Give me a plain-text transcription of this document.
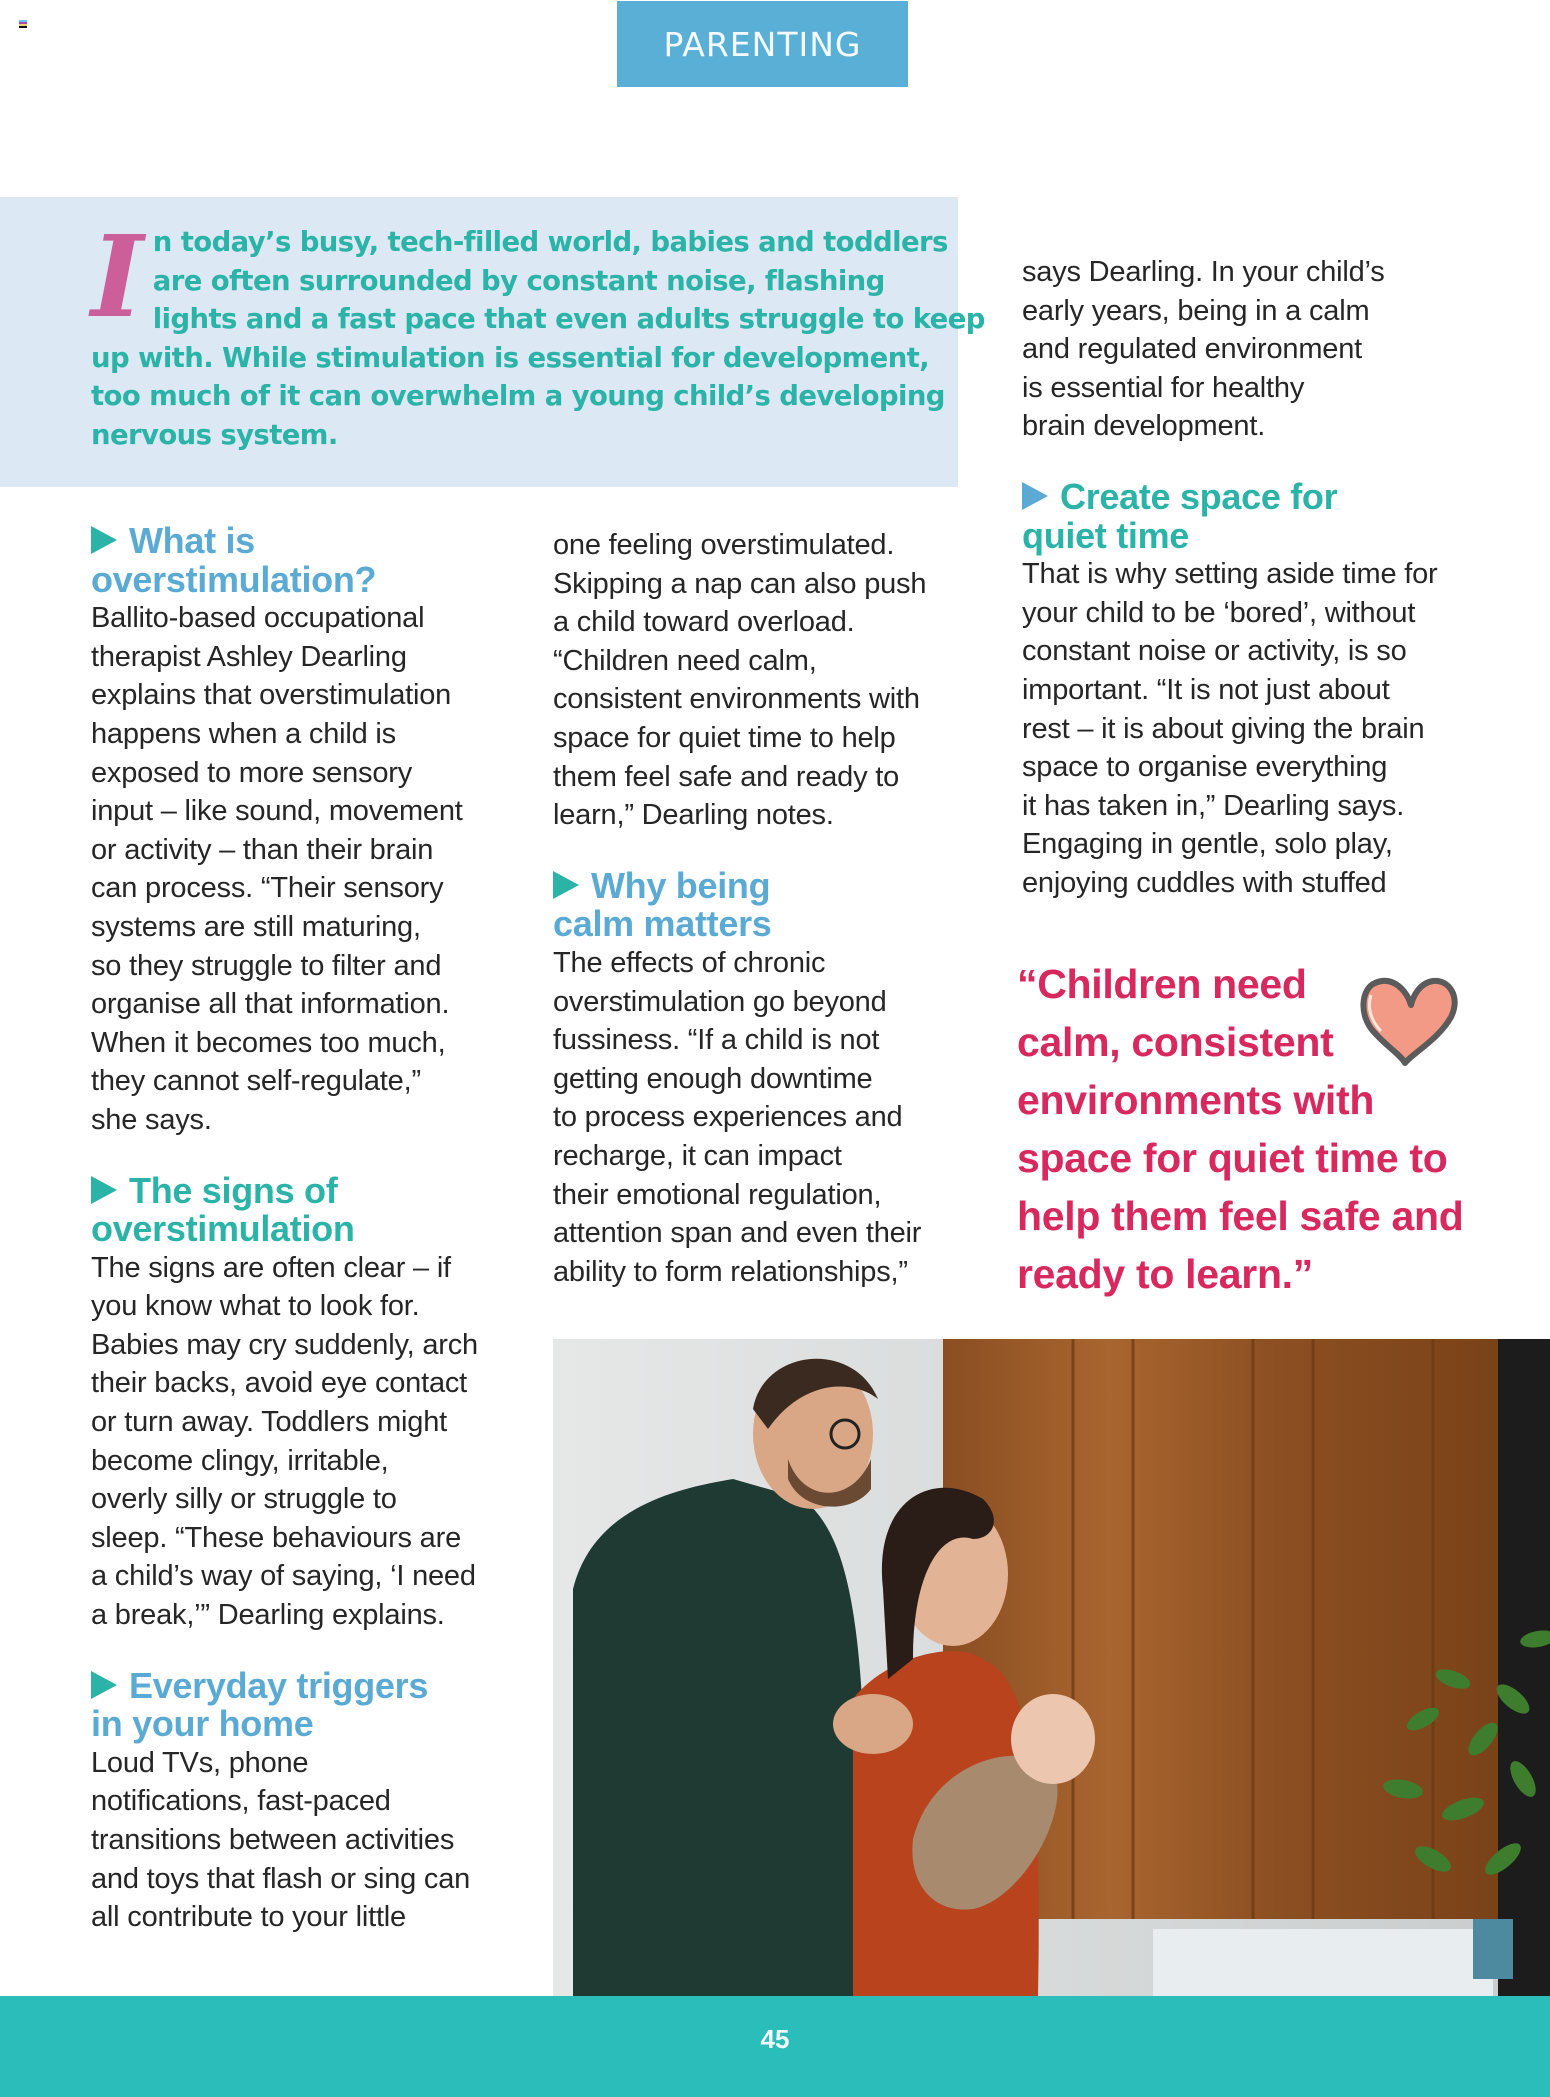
PARENTING
I n today’s busy, tech-filled world, babies and toddlers
are often surrounded by constant noise, flashing
lights and a fast pace that even adults struggle to keep
up with. While stimulation is essential for development,
too much of it can overwhelm a young child’s developing
nervous system.
What is
overstimulation?

Ballito-based occupational
therapist Ashley Dearling
explains that overstimulation
happens when a child is
exposed to more sensory
input – like sound, movement
or activity – than their brain
can process. “Their sensory
systems are still maturing,
so they struggle to filter and
organise all that information.
When it becomes too much,
they cannot self-regulate,”
she says.

The signs of
overstimulation

The signs are often clear – if
you know what to look for.
Babies may cry suddenly, arch
their backs, avoid eye contact
or turn away. Toddlers might
become clingy, irritable,
overly silly or struggle to
sleep. “These behaviours are
a child’s way of saying, ‘I need
a break,’” Dearling explains.

Everyday triggers
in your home

Loud TVs, phone
notifications, fast-paced
transitions between activities
and toys that flash or sing can
all contribute to your little

one feeling overstimulated.
Skipping a nap can also push
a child toward overload.
“Children need calm,
consistent environments with
space for quiet time to help
them feel safe and ready to
learn,” Dearling notes.

Why being
calm matters

The effects of chronic
overstimulation go beyond
fussiness. “If a child is not
getting enough downtime
to process experiences and
recharge, it can impact
their emotional regulation,
attention span and even their
ability to form relationships,”

says Dearling. In your child’s
early years, being in a calm
and regulated environment
is essential for healthy
brain development.

Create space for
quiet time

That is why setting aside time for
your child to be ‘bored’, without
constant noise or activity, is so
important. “It is not just about
rest – it is about giving the brain
space to organise everything
it has taken in,” Dearling says.
Engaging in gentle, solo play,
enjoying cuddles with stuffed

“Children need
calm, consistent
environments with
space for quiet time to
help them feel safe and
ready to learn.”
45
